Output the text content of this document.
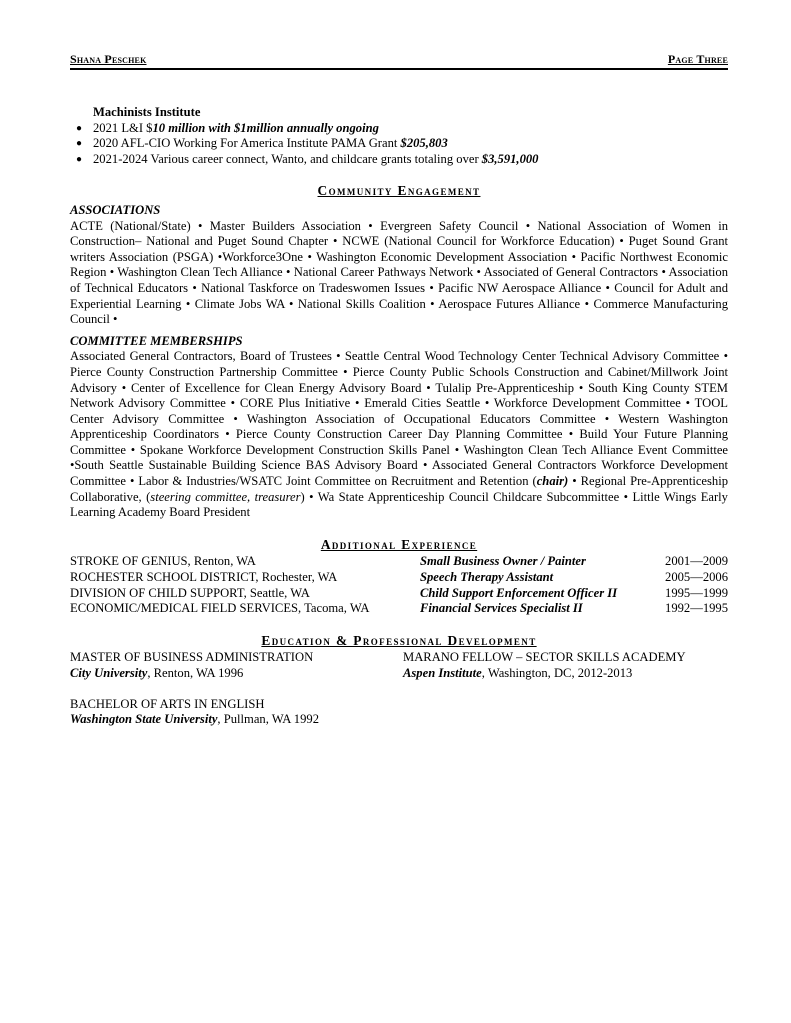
Shana Peschek	Page Three
Machinists Institute
● 2021 L&I $10 million with $1million annually ongoing
● 2020 AFL-CIO Working For America Institute PAMA Grant $205,803
● 2021-2024 Various career connect, Wanto, and childcare grants totaling over $3,591,000
Community Engagement
ASSOCIATIONS
ACTE (National/State) • Master Builders Association • Evergreen Safety Council • National Association of Women in Construction– National and Puget Sound Chapter • NCWE (National Council for Workforce Education) • Puget Sound Grant writers Association (PSGA) •Workforce3One • Washington Economic Development Association • Pacific Northwest Economic Region • Washington Clean Tech Alliance • National Career Pathways Network • Associated of General Contractors • Association of Technical Educators • National Taskforce on Tradeswomen Issues • Pacific NW Aerospace Alliance • Council for Adult and Experiential Learning • Climate Jobs WA • National Skills Coalition • Aerospace Futures Alliance • Commerce Manufacturing Council •
COMMITTEE MEMBERSHIPS
Associated General Contractors, Board of Trustees • Seattle Central Wood Technology Center Technical Advisory Committee • Pierce County Construction Partnership Committee • Pierce County Public Schools Construction and Cabinet/Millwork Joint Advisory • Center of Excellence for Clean Energy Advisory Board • Tulalip Pre-Apprenticeship • South King County STEM Network Advisory Committee • CORE Plus Initiative • Emerald Cities Seattle • Workforce Development Committee • TOOL Center Advisory Committee • Washington Association of Occupational Educators Committee • Western Washington Apprenticeship Coordinators • Pierce County Construction Career Day Planning Committee • Build Your Future Planning Committee • Spokane Workforce Development Construction Skills Panel • Washington Clean Tech Alliance Event Committee •South Seattle Sustainable Building Science BAS Advisory Board • Associated General Contractors Workforce Development Committee • Labor & Industries/WSATC Joint Committee on Recruitment and Retention (chair) • Regional Pre-Apprenticeship Collaborative, (steering committee, treasurer) • Wa State Apprenticeship Council Childcare Subcommittee • Little Wings Early Learning Academy Board President
Additional Experience
STROKE OF GENIUS, Renton, WA	Small Business Owner / Painter	2001—2009
ROCHESTER SCHOOL DISTRICT, Rochester, WA	Speech Therapy Assistant	2005—2006
DIVISION OF CHILD SUPPORT, Seattle, WA	Child Support Enforcement Officer II	1995—1999
ECONOMIC/MEDICAL FIELD SERVICES, Tacoma, WA	Financial Services Specialist II	1992—1995
Education & Professional Development
MASTER OF BUSINESS ADMINISTRATION
City University, Renton, WA 1996
MARANO FELLOW – SECTOR SKILLS ACADEMY
Aspen Institute, Washington, DC, 2012-2013
BACHELOR OF ARTS IN ENGLISH
Washington State University, Pullman, WA 1992
